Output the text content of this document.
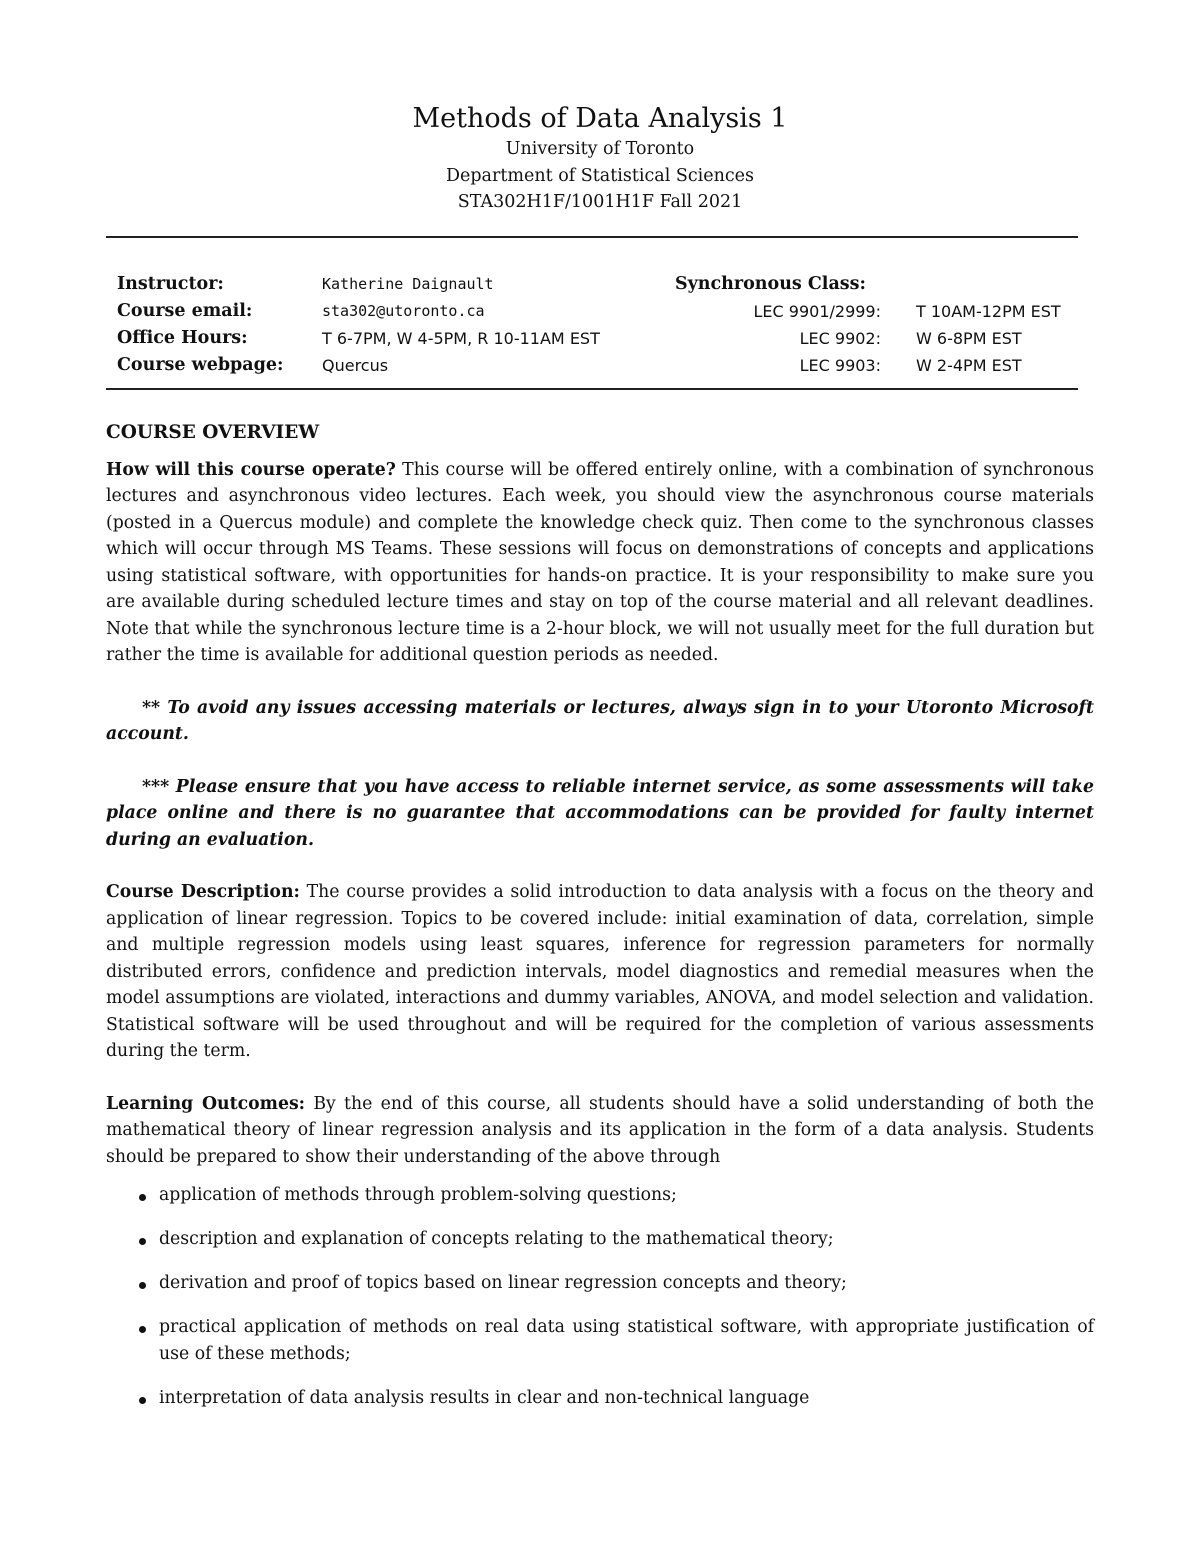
Methods of Data Analysis 1
University of Toronto
Department of Statistical Sciences
STA302H1F/1001H1F Fall 2021
Instructor:	Katherine Daignault	Synchronous Class:
Course email:	sta302@utoronto.ca	LEC 9901/2999: T 10AM-12PM EST
Office Hours:	T 6-7PM, W 4-5PM, R 10-11AM EST	LEC 9902: W 6-8PM EST
Course webpage: Quercus	LEC 9903: W 2-4PM EST

COURSE OVERVIEW

How will this course operate? This course will be offered entirely online, with a combination of synchronous lectures and asynchronous video lectures. Each week, you should view the asynchronous course materials (posted in a Quercus module) and complete the knowledge check quiz. Then come to the synchronous classes which will occur through MS Teams. These sessions will focus on demonstrations of concepts and applications using statistical software, with opportunities for hands-on practice. It is your responsibility to make sure you are available during scheduled lecture times and stay on top of the course material and all relevant deadlines. Note that while the synchronous lecture time is a 2-hour block, we will not usually meet for the full duration but rather the time is available for additional question periods as needed.

** To avoid any issues accessing materials or lectures, always sign in to your Utoronto Microsoft account.

*** Please ensure that you have access to reliable internet service, as some assessments will take place online and there is no guarantee that accommodations can be provided for faulty internet during an evaluation.

Course Description: The course provides a solid introduction to data analysis with a focus on the theory and application of linear regression. Topics to be covered include: initial examination of data, correlation, simple and multiple regression models using least squares, inference for regression parameters for normally distributed errors, confidence and prediction intervals, model diagnostics and remedial measures when the model assumptions are violated, interactions and dummy variables, ANOVA, and model selection and validation. Statistical software will be used throughout and will be required for the completion of various assessments during the term.

Learning Outcomes: By the end of this course, all students should have a solid understanding of both the mathematical theory of linear regression analysis and its application in the form of a data analysis. Students should be prepared to show their understanding of the above through

application of methods through problem-solving questions;
description and explanation of concepts relating to the mathematical theory;
derivation and proof of topics based on linear regression concepts and theory;
practical application of methods on real data using statistical software, with appropriate justification of use of these methods;
interpretation of data analysis results in clear and non-technical language
